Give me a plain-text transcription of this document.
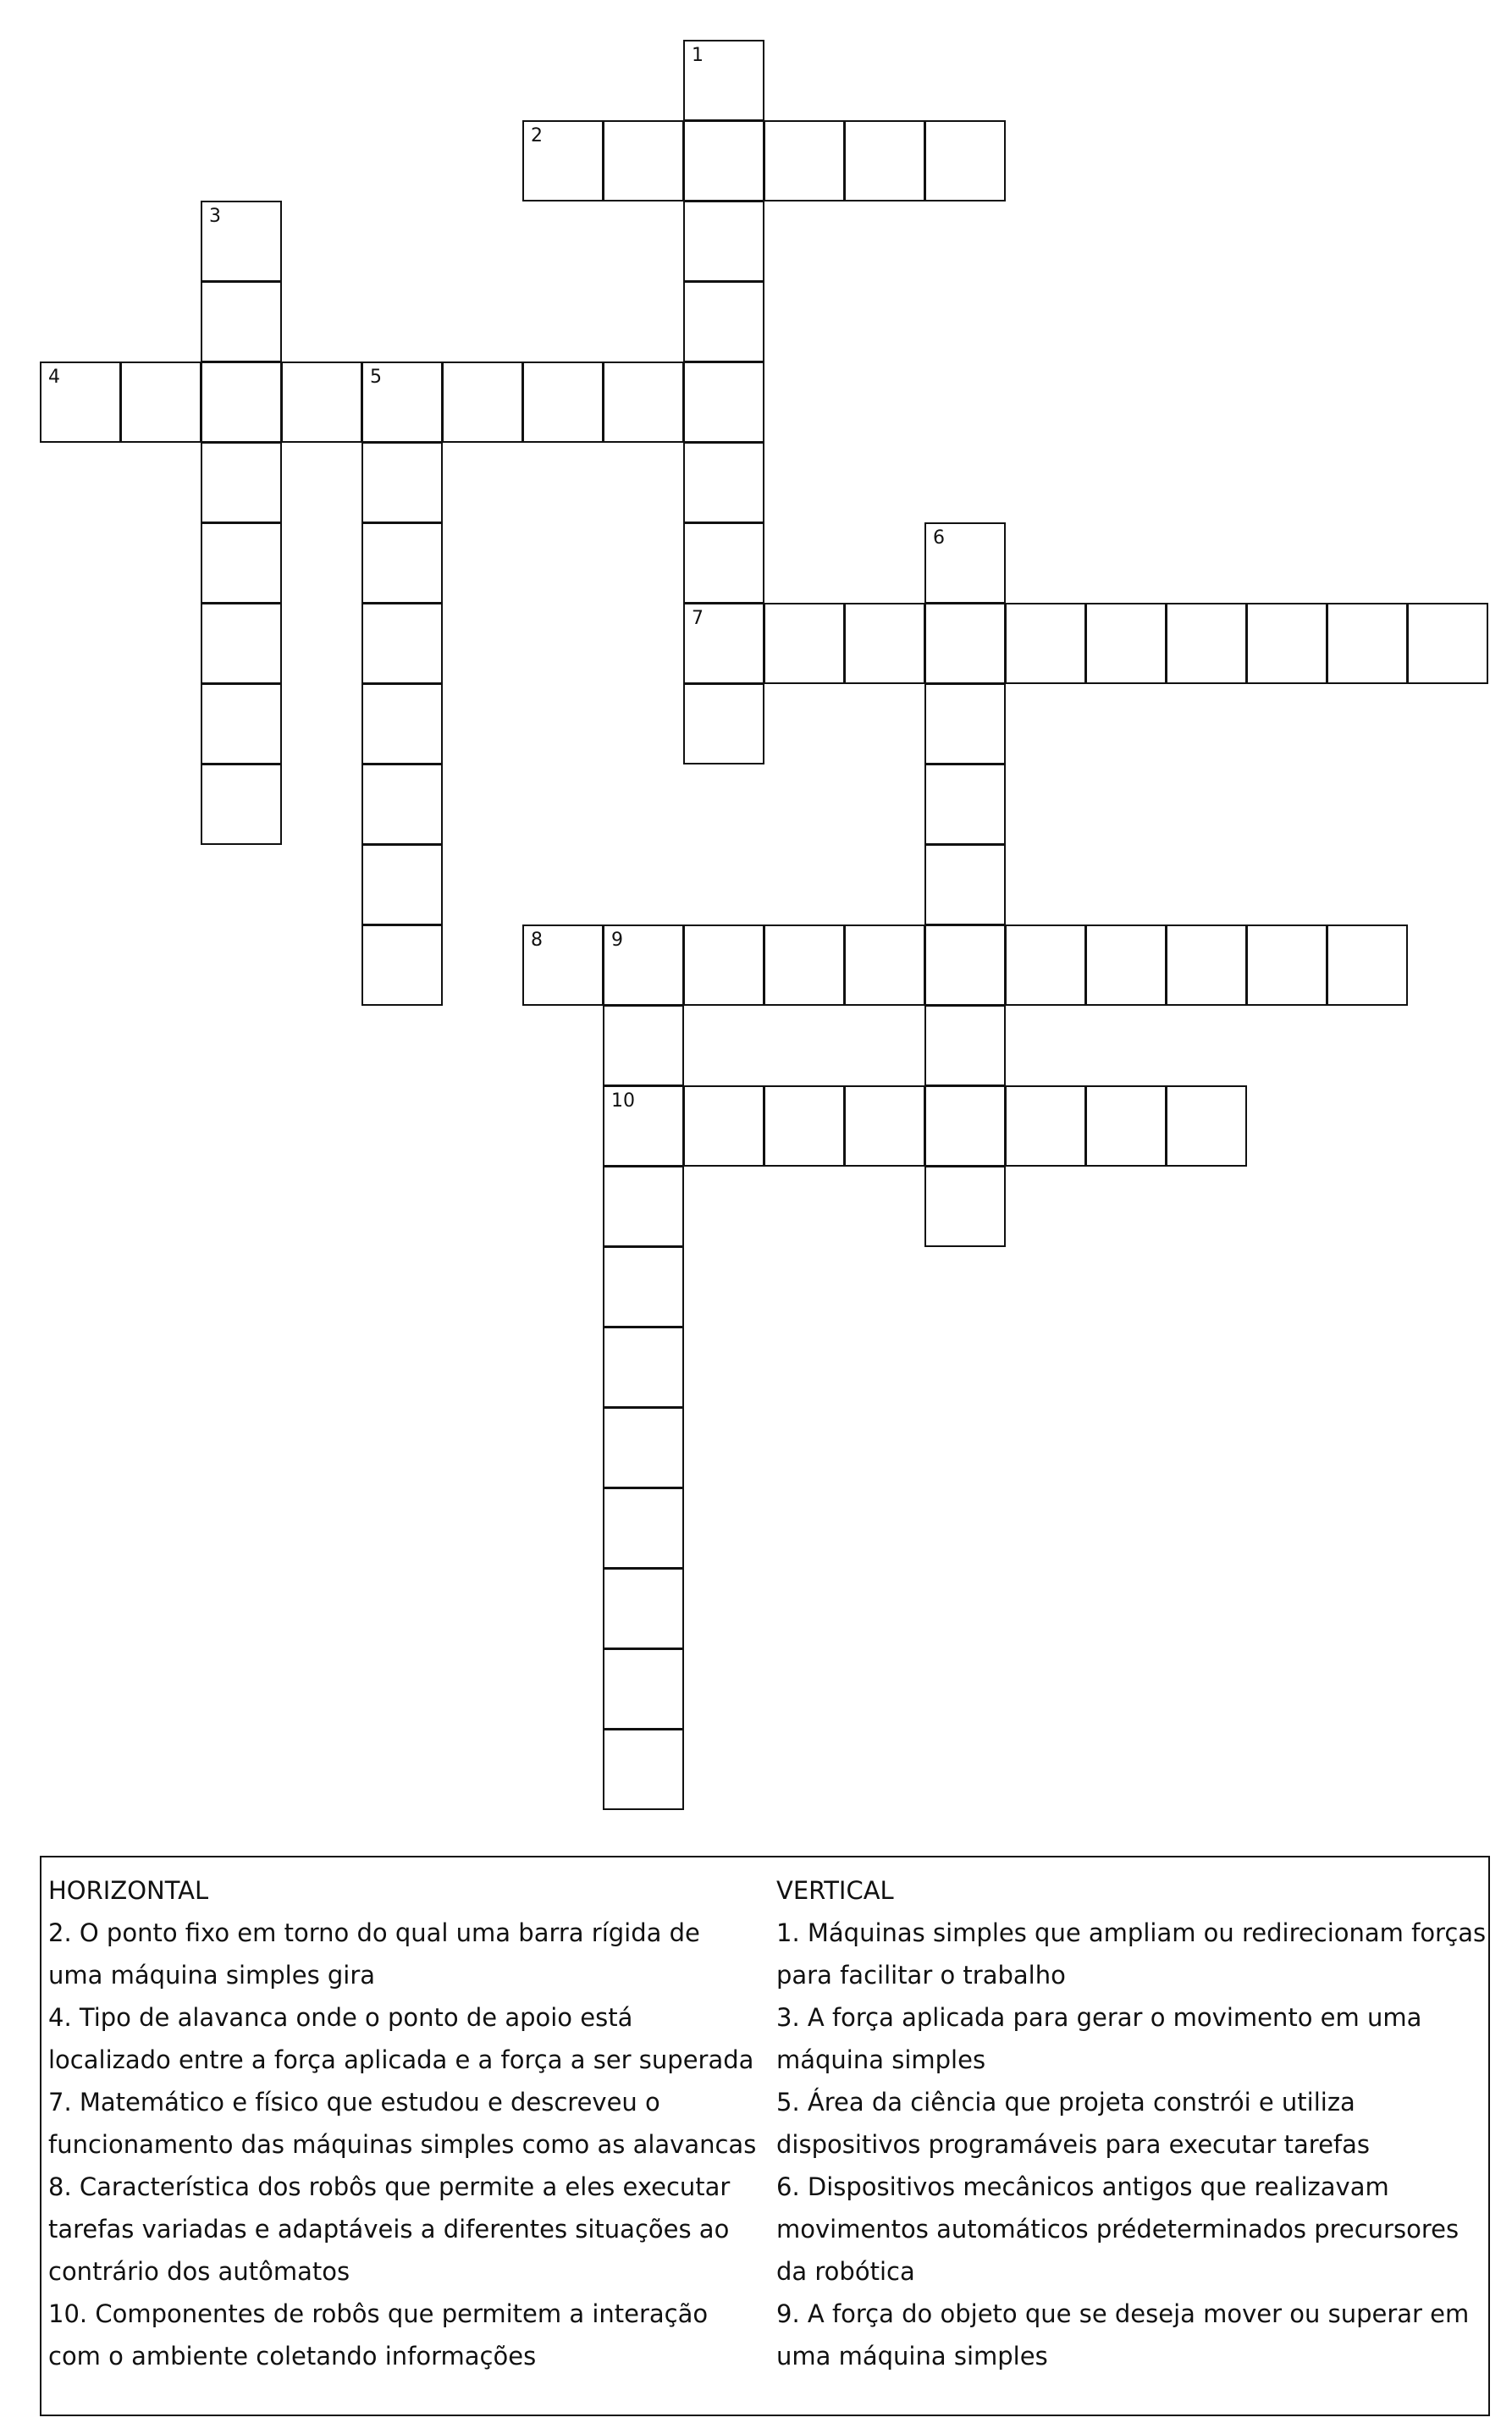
1
7
2
3
4	5
6
8	9
10
HORIZONTAL
2. O ponto fixo em torno do qual uma barra rígida de uma máquina simples gira
4. Tipo de alavanca onde o ponto de apoio está localizado entre a força aplicada e a força a ser superada
7. Matemático e físico que estudou e descreveu o funcionamento das máquinas simples como as alavancas
8. Característica dos robôs que permite a eles executar tarefas variadas e adaptáveis a diferentes situações ao contrário dos autômatos
10. Componentes de robôs que permitem a interação com o ambiente coletando informações
VERTICAL
1. Máquinas simples que ampliam ou redirecionam forças para facilitar o trabalho
3. A força aplicada para gerar o movimento em uma máquina simples
5. Área da ciência que projeta constrói e utiliza dispositivos programáveis para executar tarefas
6. Dispositivos mecânicos antigos que realizavam movimentos automáticos prédeterminados precursores da robótica
9. A força do objeto que se deseja mover ou superar em uma máquina simples
